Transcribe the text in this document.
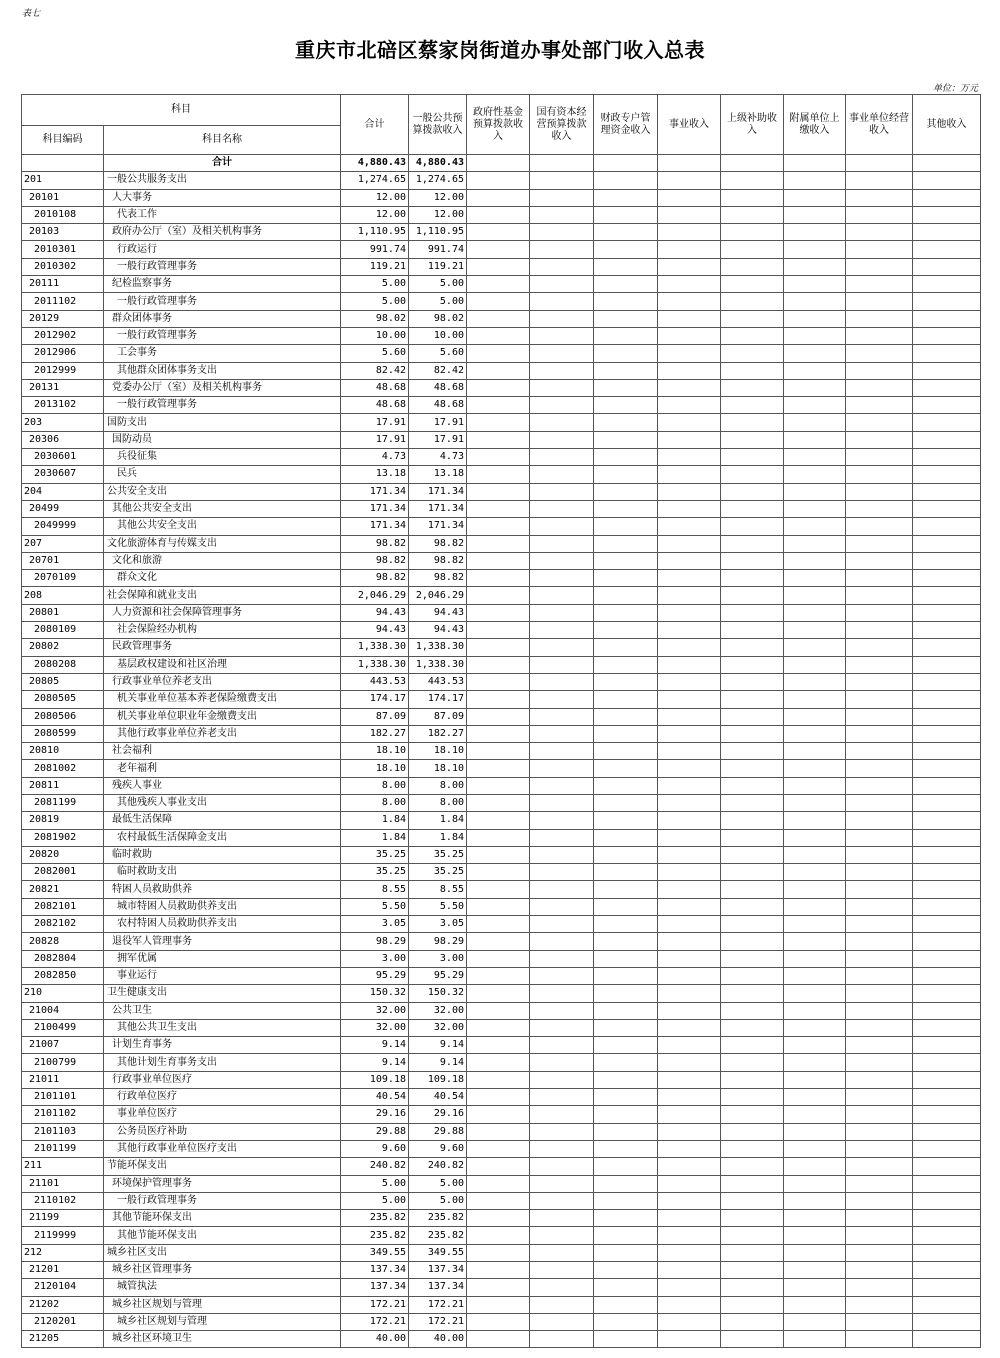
表七
重庆市北碚区蔡家岗街道办事处部门收入总表
单位：万元
科目		合计	一般公共预算拨款收入	政府性基金预算拨款收入	国有资本经营预算拨款收入	财政专户管理资金收入	事业收入	上级补助收入	附属单位上缴收入	事业单位经营收入	其他收入
科目编码	科目名称										
	合计	4,880.43	4,880.43								
201	一般公共服务支出	1,274.65	1,274.65								
20101	人大事务	12.00	12.00								
2010108	代表工作	12.00	12.00								
20103	政府办公厅（室）及相关机构事务	1,110.95	1,110.95								
2010301	行政运行	991.74	991.74								
2010302	一般行政管理事务	119.21	119.21								
20111	纪检监察事务	5.00	5.00								
2011102	一般行政管理事务	5.00	5.00								
20129	群众团体事务	98.02	98.02								
2012902	一般行政管理事务	10.00	10.00								
2012906	工会事务	5.60	5.60								
2012999	其他群众团体事务支出	82.42	82.42								
20131	党委办公厅（室）及相关机构事务	48.68	48.68								
2013102	一般行政管理事务	48.68	48.68								
203	国防支出	17.91	17.91								
20306	国防动员	17.91	17.91								
2030601	兵役征集	4.73	4.73								
2030607	民兵	13.18	13.18								
204	公共安全支出	171.34	171.34								
20499	其他公共安全支出	171.34	171.34								
2049999	其他公共安全支出	171.34	171.34								
207	文化旅游体育与传媒支出	98.82	98.82								
20701	文化和旅游	98.82	98.82								
2070109	群众文化	98.82	98.82								
208	社会保障和就业支出	2,046.29	2,046.29								
20801	人力资源和社会保障管理事务	94.43	94.43								
2080109	社会保险经办机构	94.43	94.43								
20802	民政管理事务	1,338.30	1,338.30								
2080208	基层政权建设和社区治理	1,338.30	1,338.30								
20805	行政事业单位养老支出	443.53	443.53								
2080505	机关事业单位基本养老保险缴费支出	174.17	174.17								
2080506	机关事业单位职业年金缴费支出	87.09	87.09								
2080599	其他行政事业单位养老支出	182.27	182.27								
20810	社会福利	18.10	18.10								
2081002	老年福利	18.10	18.10								
20811	残疾人事业	8.00	8.00								
2081199	其他残疾人事业支出	8.00	8.00								
20819	最低生活保障	1.84	1.84								
2081902	农村最低生活保障金支出	1.84	1.84								
20820	临时救助	35.25	35.25								
2082001	临时救助支出	35.25	35.25								
20821	特困人员救助供养	8.55	8.55								
2082101	城市特困人员救助供养支出	5.50	5.50								
2082102	农村特困人员救助供养支出	3.05	3.05								
20828	退役军人管理事务	98.29	98.29								
2082804	拥军优属	3.00	3.00								
2082850	事业运行	95.29	95.29								
210	卫生健康支出	150.32	150.32								
21004	公共卫生	32.00	32.00								
2100499	其他公共卫生支出	32.00	32.00								
21007	计划生育事务	9.14	9.14								
2100799	其他计划生育事务支出	9.14	9.14								
21011	行政事业单位医疗	109.18	109.18								
2101101	行政单位医疗	40.54	40.54								
2101102	事业单位医疗	29.16	29.16								
2101103	公务员医疗补助	29.88	29.88								
2101199	其他行政事业单位医疗支出	9.60	9.60								
211	节能环保支出	240.82	240.82								
21101	环境保护管理事务	5.00	5.00								
2110102	一般行政管理事务	5.00	5.00								
21199	其他节能环保支出	235.82	235.82								
2119999	其他节能环保支出	235.82	235.82								
212	城乡社区支出	349.55	349.55								
21201	城乡社区管理事务	137.34	137.34								
2120104	城管执法	137.34	137.34								
21202	城乡社区规划与管理	172.21	172.21								
2120201	城乡社区规划与管理	172.21	172.21								
21205	城乡社区环境卫生	40.00	40.00								
